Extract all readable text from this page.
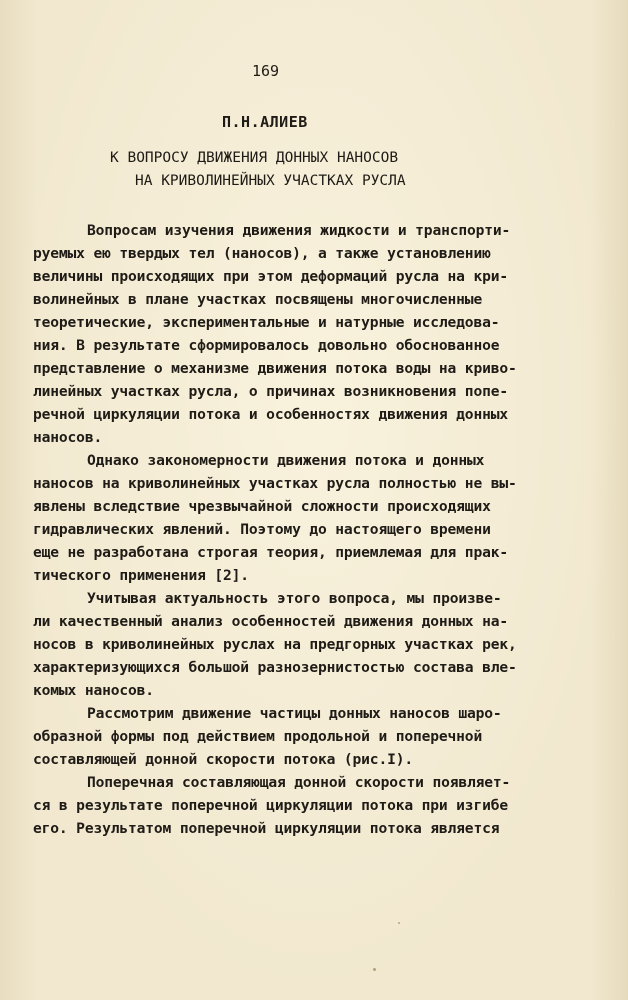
169
П.Н.АЛИЕВ
К ВОПРОСУ ДВИЖЕНИЯ ДОННЫХ НАНОСОВ
НА КРИВОЛИНЕЙНЫХ УЧАСТКАХ РУСЛА
Вопросам изучения движения жидкости и транспорти-
руемых ею твердых тел (наносов), а также установлению
величины происходящих при этом деформаций русла на кри-
волинейных в плане участках посвящены многочисленные
теоретические, экспериментальные и натурные исследова-
ния. В результате сформировалось довольно обоснованное
представление о механизме движения потока воды на криво-
линейных участках русла, о причинах возникновения попе-
речной циркуляции потока и особенностях движения донных
наносов.
Однако закономерности движения потока и донных
наносов на криволинейных участках русла полностью не вы-
явлены вследствие чрезвычайной сложности происходящих
гидравлических явлений. Поэтому до настоящего времени
еще не разработана строгая теория, приемлемая для прак-
тического применения [2].
Учитывая актуальность этого вопроса, мы произве-
ли качественный анализ особенностей движения донных на-
носов в криволинейных руслах на предгорных участках рек,
характеризующихся большой разнозернистостью состава вле-
комых наносов.
Рассмотрим движение частицы донных наносов шаро-
образной формы под действием продольной и поперечной
составляющей донной скорости потока (рис.I).
Поперечная составляющая донной скорости появляет-
ся в результате поперечной циркуляции потока при изгибе
его. Результатом поперечной циркуляции потока является
